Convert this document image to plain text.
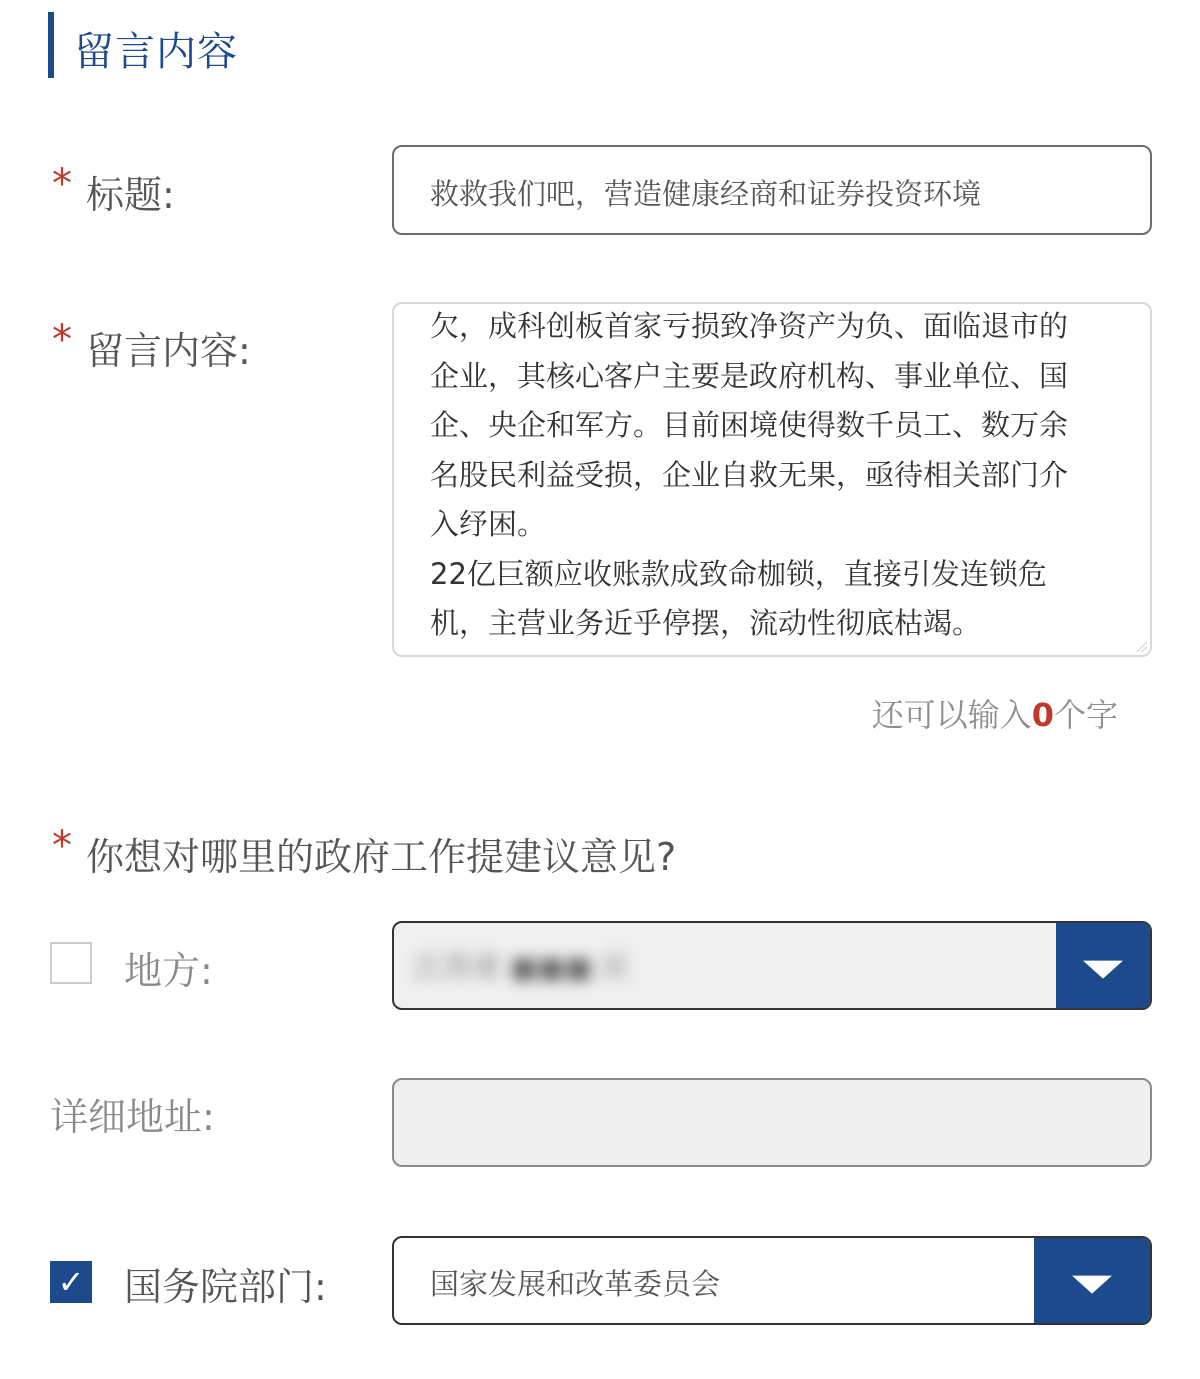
留言内容
* 标题:	救救我们吧，营造健康经商和证券投资环境
* 留言内容:
欠，成科创板首家亏损致净资产为负、面临退市的
企业，其核心客户主要是政府机构、事业单位、国
企、央企和军方。目前困境使得数千员工、数万余
名股民利益受损，企业自救无果，亟待相关部门介
入纾困。
22亿巨额应收账款成致命枷锁，直接引发连锁危
机，主营业务近乎停摆，流动性彻底枯竭。
还可以输入0个字
* 你想对哪里的政府工作提建议意见?
地方:	江苏省 ■■■ 区
详细地址:
✓ 国务院部门:	国家发展和改革委员会
